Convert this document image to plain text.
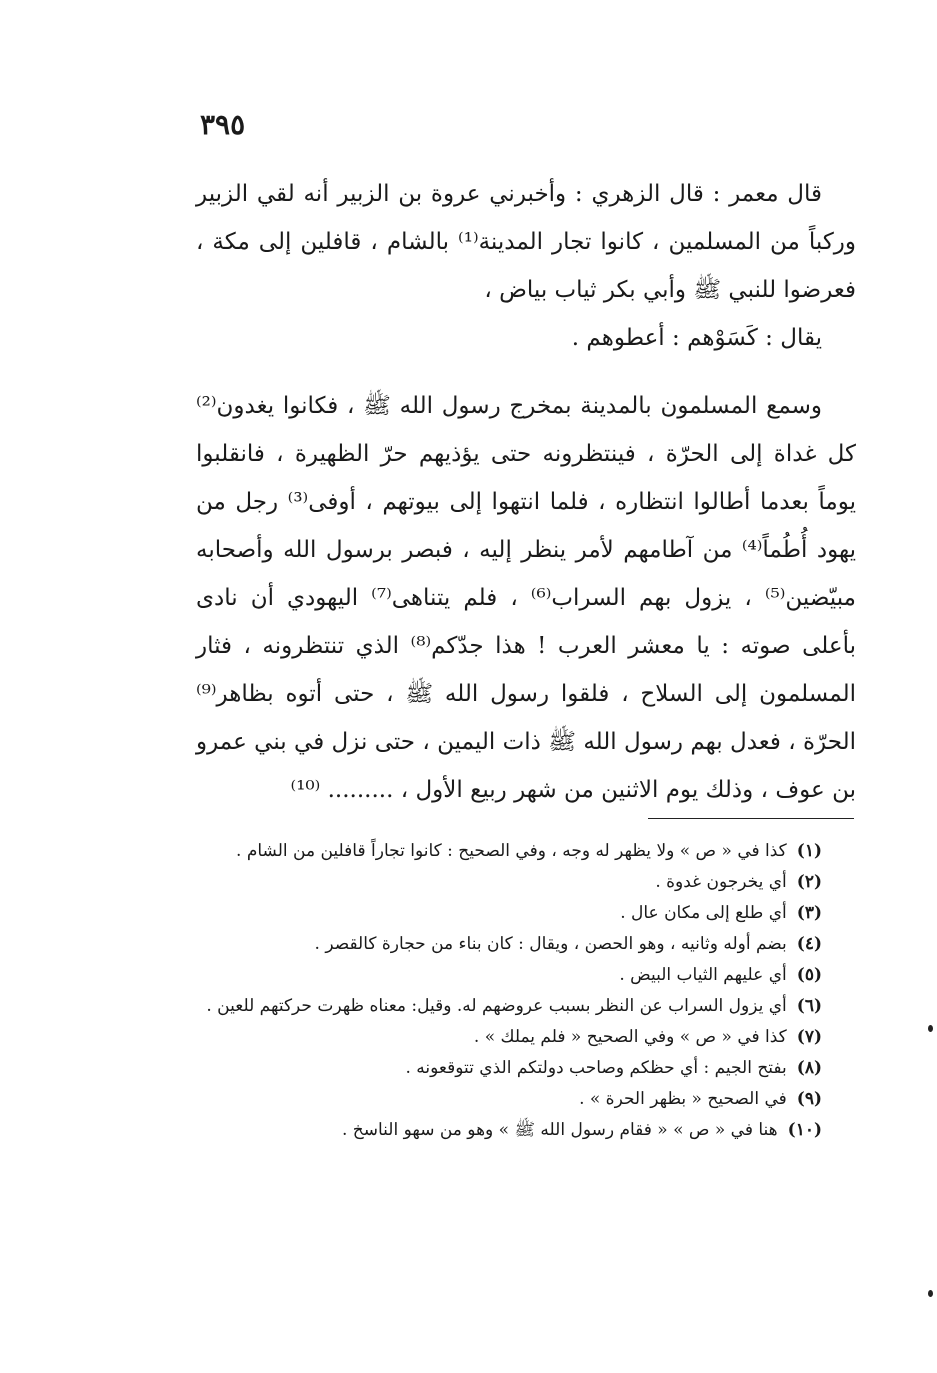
٣٩٥

قال معمر : قال الزهري : وأخبرني عروة بن الزبير أنه لقي الزبير وركباً من المسلمين ، كانوا تجار المدينة⁽¹⁾ بالشام ، قافلين إلى مكة ، فعرضوا للنبي ﷺ وأبي بكر ثياب بياض ،

يقال : كَسَوْهم : أعطوهم .

وسمع المسلمون بالمدينة بمخرج رسول الله ﷺ ، فكانوا يغدون⁽²⁾ كل غداة إلى الحرّة ، فينتظرونه حتى يؤذيهم حرّ الظهيرة ، فانقلبوا يوماً بعدما أطالوا انتظاره ، فلما انتهوا إلى بيوتهم ، أوفى⁽³⁾ رجل من يهود أُطُماً⁽⁴⁾ من آطامهم لأمر ينظر إليه ، فبصر برسول الله وأصحابه مبيّضين⁽⁵⁾ ، يزول بهم السراب⁽⁶⁾ ، فلم يتناهى⁽⁷⁾ اليهودي أن نادى بأعلى صوته : يا معشر العرب ! هذا جدّكم⁽⁸⁾ الذي تنتظرونه ، فثار المسلمون إلى السلاح ، فلقوا رسول الله ﷺ ، حتى أتوه بظاهر⁽⁹⁾ الحرّة ، فعدل بهم رسول الله ﷺ ذات اليمين ، حتى نزل في بني عمرو بن عوف ، وذلك يوم الاثنين من شهر ربيع الأول ، ......... ⁽¹⁰⁾

(١)كذا في « ص » ولا يظهر له وجه ، وفي الصحيح : كانوا تجاراً قافلين من الشام .

(٢)أي يخرجون غدوة .

(٣)أي طلع إلى مكان عال .

(٤)بضم أوله وثانيه ، وهو الحصن ، ويقال : كان بناء من حجارة كالقصر .

(٥)أي عليهم الثياب البيض .

(٦)أي يزول السراب عن النظر بسبب عروضهم له. وقيل: معناه ظهرت حركتهم للعين .

(٧)كذا في « ص » وفي الصحيح « فلم يملك » .

(٨)بفتح الجيم : أي حظكم وصاحب دولتكم الذي تتوقعونه .

(٩)في الصحيح « بظهر الحرة » .

(١٠)هنا في « ص » « فقام رسول الله ﷺ » وهو من سهو الناسخ .
